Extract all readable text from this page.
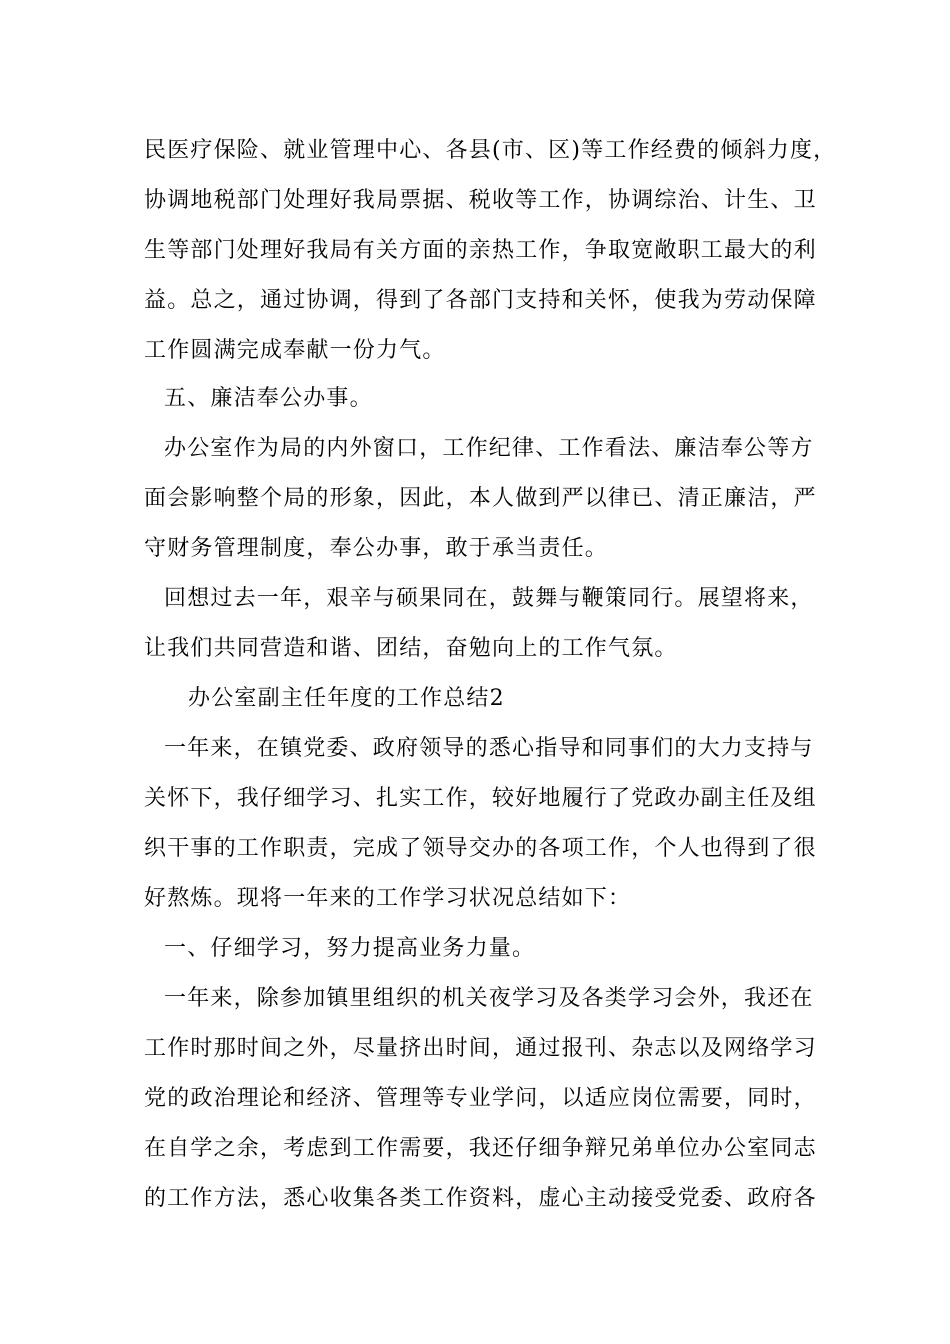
民医疗保险、就业管理中心、各县(市、区)等工作经费的倾斜力度，
协调地税部门处理好我局票据、税收等工作，协调综治、计生、卫
生等部门处理好我局有关方面的亲热工作，争取宽敞职工最大的利
益。总之，通过协调，得到了各部门支持和关怀，使我为劳动保障
工作圆满完成奉献一份力气。
五、廉洁奉公办事。
办公室作为局的内外窗口，工作纪律、工作看法、廉洁奉公等方
面会影响整个局的形象，因此，本人做到严以律已、清正廉洁，严
守财务管理制度，奉公办事，敢于承当责任。
回想过去一年，艰辛与硕果同在，鼓舞与鞭策同行。展望将来，
让我们共同营造和谐、团结，奋勉向上的工作气氛。
办公室副主任年度的工作总结2
一年来，在镇党委、政府领导的悉心指导和同事们的大力支持与
关怀下，我仔细学习、扎实工作，较好地履行了党政办副主任及组
织干事的工作职责，完成了领导交办的各项工作，个人也得到了很
好熬炼。现将一年来的工作学习状况总结如下：
一、仔细学习，努力提高业务力量。
一年来，除参加镇里组织的机关夜学习及各类学习会外，我还在
工作时那时间之外，尽量挤出时间，通过报刊、杂志以及网络学习
党的政治理论和经济、管理等专业学问，以适应岗位需要，同时，
在自学之余，考虑到工作需要，我还仔细争辩兄弟单位办公室同志
的工作方法，悉心收集各类工作资料，虚心主动接受党委、政府各
